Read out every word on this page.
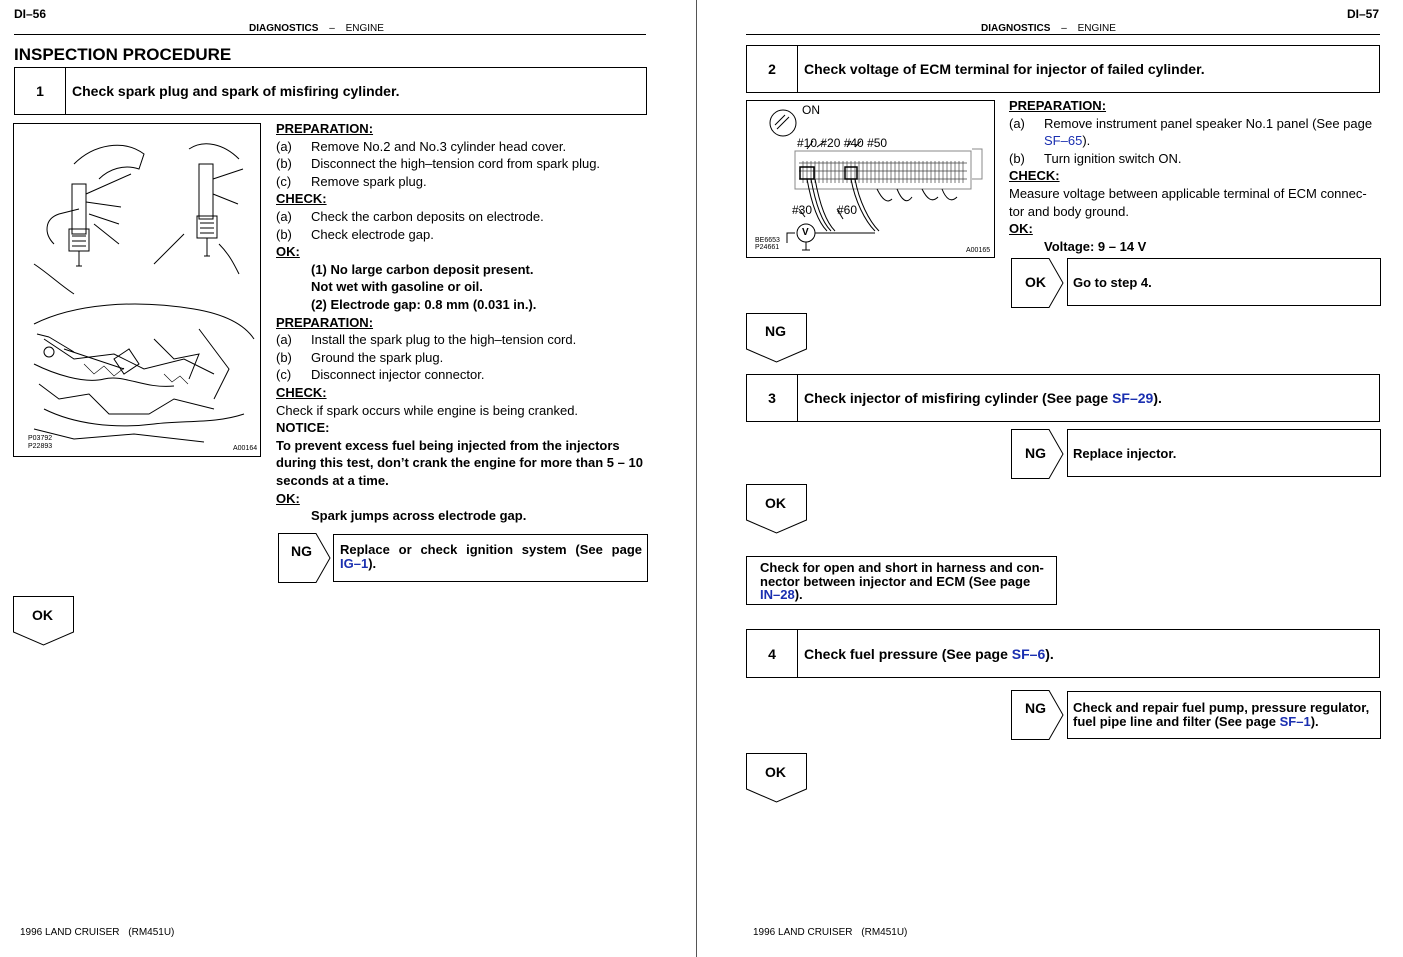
DI–56
DIAGNOSTICS – ENGINE
INSPECTION PROCEDURE
1	Check spark plug and spark of misfiring cylinder.
P03792
P22893	A00164
PREPARATION:
(a) Remove No.2 and No.3 cylinder head cover.
(b) Disconnect the high–tension cord from spark plug.
(c) Remove spark plug.
CHECK:
(a) Check the carbon deposits on electrode.
(b) Check electrode gap.
OK:
(1) No large carbon deposit present.
Not wet with gasoline or oil.
(2) Electrode gap: 0.8 mm (0.031 in.).
PREPARATION:
(a) Install the spark plug to the high–tension cord.
(b) Ground the spark plug.
(c) Disconnect injector connector.
CHECK:
Check if spark occurs while engine is being cranked.
NOTICE:
To prevent excess fuel being injected from the injectors
during this test, don’t crank the engine for more than 5 – 10
seconds at a time.
OK:
Spark jumps across electrode gap.
NG Replace or check ignition system (See page
IG–1).
OK
1996 LAND CRUISER (RM451U)
DI–57
DIAGNOSTICS – ENGINE
2	Check voltage of ECM terminal for injector of failed cylinder.
ON
#10 #20 #40 #50
#30 #60
V
BE6653
P24661	A00165
PREPARATION:
(a) Remove instrument panel speaker No.1 panel (See page
SF–65).
(b) Turn ignition switch ON.
CHECK:
Measure voltage between applicable terminal of ECM connec-
tor and body ground.
OK:
Voltage: 9 – 14 V
OK Go to step 4.
NG
3	Check injector of misfiring cylinder (See page SF–29 ).
NG Replace injector.
OK
Check for open and short in harness and con-
nector between injector and ECM (See page
IN–28).
4	Check fuel pressure (See page SF–6 ).
NG Check and repair fuel pump, pressure regulator,
fuel pipe line and filter (See page SF–1).
OK
1996 LAND CRUISER (RM451U)
